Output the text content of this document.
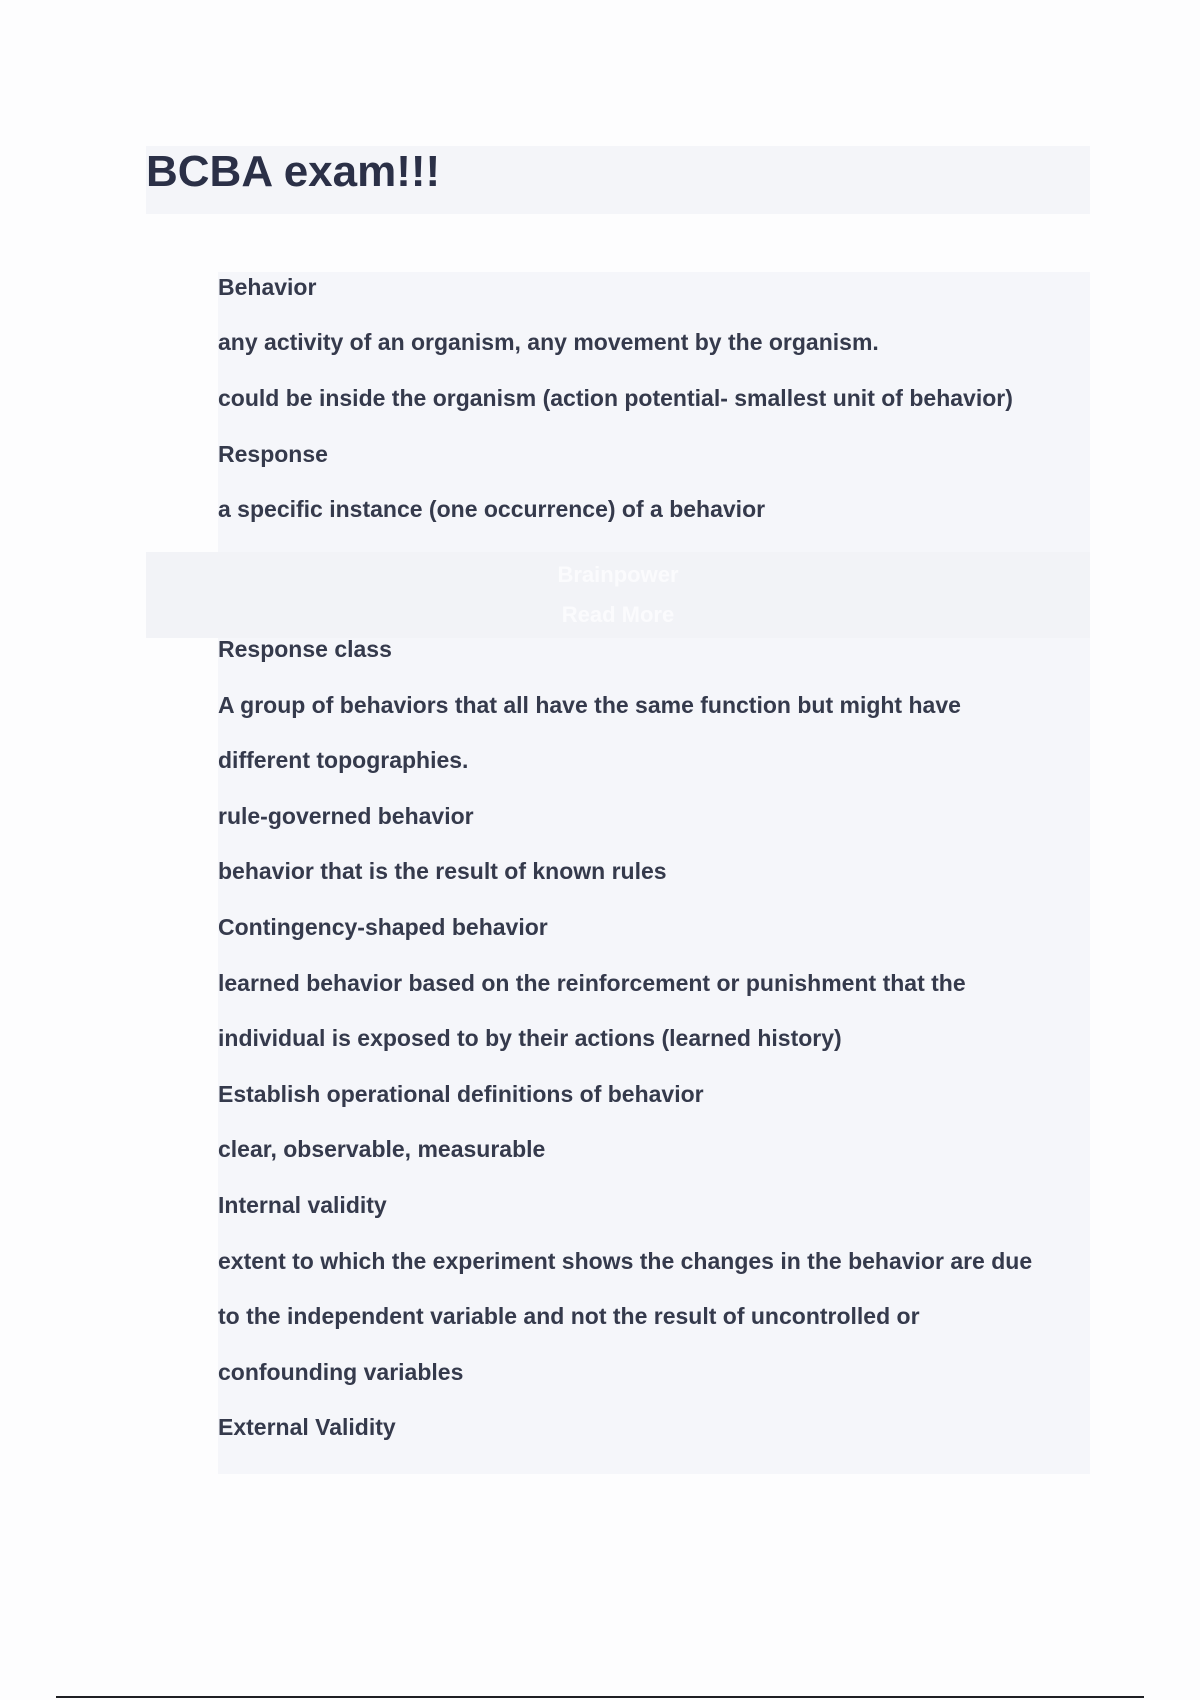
BCBA exam!!!
Brainpower
Read More
Behavior
any activity of an organism, any movement by the organism.
could be inside the organism (action potential- smallest unit of behavior)
Response
a specific instance (one occurrence) of a behavior
Response class
A group of behaviors that all have the same function but might have
different topographies.
rule-governed behavior
behavior that is the result of known rules
Contingency-shaped behavior
learned behavior based on the reinforcement or punishment that the
individual is exposed to by their actions (learned history)
Establish operational definitions of behavior
clear, observable, measurable
Internal validity
extent to which the experiment shows the changes in the behavior are due
to the independent variable and not the result of uncontrolled or
confounding variables
External Validity
